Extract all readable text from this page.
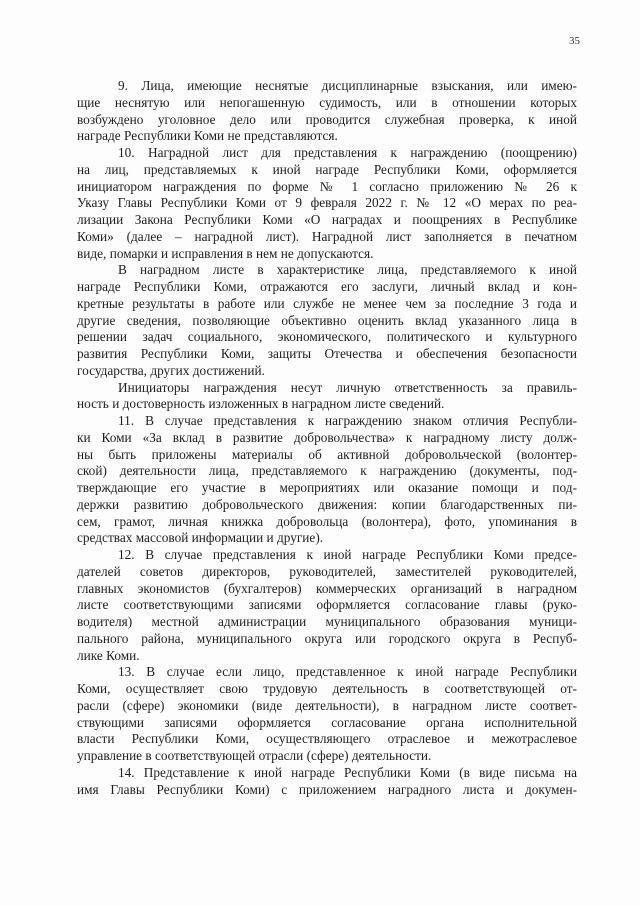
35
9. Лица, имеющие неснятые дисциплинарные взыскания, или имею-
щие неснятую или непогашенную судимость, или в отношении которых
возбуждено уголовное дело или проводится служебная проверка, к иной
награде Республики Коми не представляются.
10. Наградной лист для представления к награждению (поощрению)
на лиц, представляемых к иной награде Республики Коми, оформляется
инициатором награждения по форме № 1 согласно приложению № 26 к
Указу Главы Республики Коми от 9 февраля 2022 г. № 12 «О мерах по реа-
лизации Закона Республики Коми «О наградах и поощрениях в Республике
Коми» (далее – наградной лист). Наградной лист заполняется в печатном
виде, помарки и исправления в нем не допускаются.
В наградном листе в характеристике лица, представляемого к иной
награде Республики Коми, отражаются его заслуги, личный вклад и кон-
кретные результаты в работе или службе не менее чем за последние 3 года и
другие сведения, позволяющие объективно оценить вклад указанного лица в
решении задач социального, экономического, политического и культурного
развития Республики Коми, защиты Отечества и обеспечения безопасности
государства, других достижений.
Инициаторы награждения несут личную ответственность за правиль-
ность и достоверность изложенных в наградном листе сведений.
11. В случае представления к награждению знаком отличия Республи-
ки Коми «За вклад в развитие добровольчества» к наградному листу долж-
ны быть приложены материалы об активной добровольческой (волонтер-
ской) деятельности лица, представляемого к награждению (документы, под-
тверждающие его участие в мероприятиях или оказание помощи и под-
держки развитию добровольческого движения: копии благодарственных пи-
сем, грамот, личная книжка добровольца (волонтера), фото, упоминания в
средствах массовой информации и другие).
12. В случае представления к иной награде Республики Коми предсе-
дателей советов директоров, руководителей, заместителей руководителей,
главных экономистов (бухгалтеров) коммерческих организаций в наградном
листе соответствующими записями оформляется согласование главы (руко-
водителя) местной администрации муниципального образования муници-
пального района, муниципального округа или городского округа в Респуб-
лике Коми.
13. В случае если лицо, представленное к иной награде Республики
Коми, осуществляет свою трудовую деятельность в соответствующей от-
расли (сфере) экономики (виде деятельности), в наградном листе соответ-
ствующими записями оформляется согласование органа исполнительной
власти Республики Коми, осуществляющего отраслевое и межотраслевое
управление в соответствующей отрасли (сфере) деятельности.
14. Представление к иной награде Республики Коми (в виде письма на
имя Главы Республики Коми) с приложением наградного листа и докумен-
